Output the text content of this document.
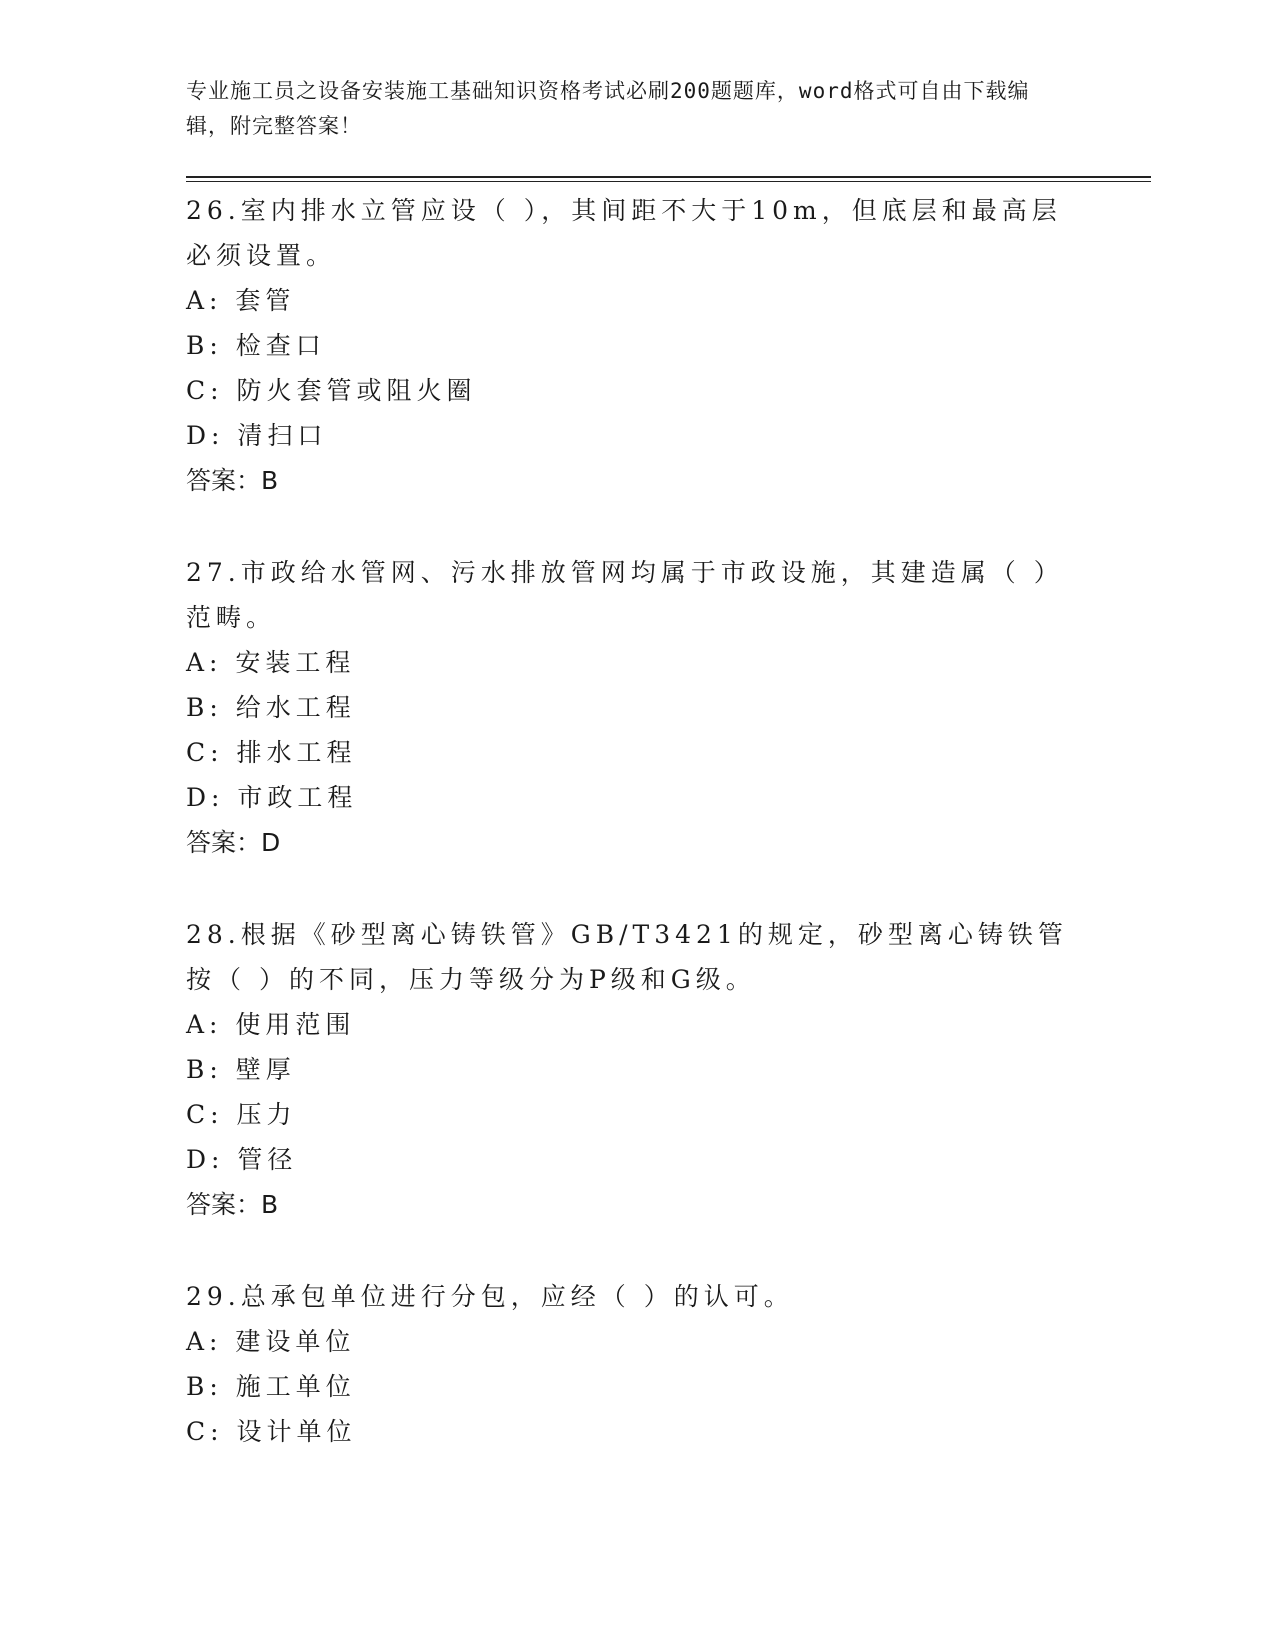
专业施工员之设备安装施工基础知识资格考试必刷200题题库，word格式可自由下载编辑，附完整答案！

26.室内排水立管应设（ ），其间距不大于10m，但底层和最高层必须设置。

A: 套管

B: 检查口

C: 防火套管或阻火圈

D: 清扫口

答案：B

27.市政给水管网、污水排放管网均属于市政设施，其建造属（ ）范畴。

A: 安装工程

B: 给水工程

C: 排水工程

D: 市政工程

答案：D

28.根据《砂型离心铸铁管》GB/T3421的规定，砂型离心铸铁管按（ ）的不同，压力等级分为P级和G级。

A: 使用范围

B: 壁厚

C: 压力

D: 管径

答案：B

29.总承包单位进行分包，应经（ ）的认可。

A: 建设单位

B: 施工单位

C: 设计单位
